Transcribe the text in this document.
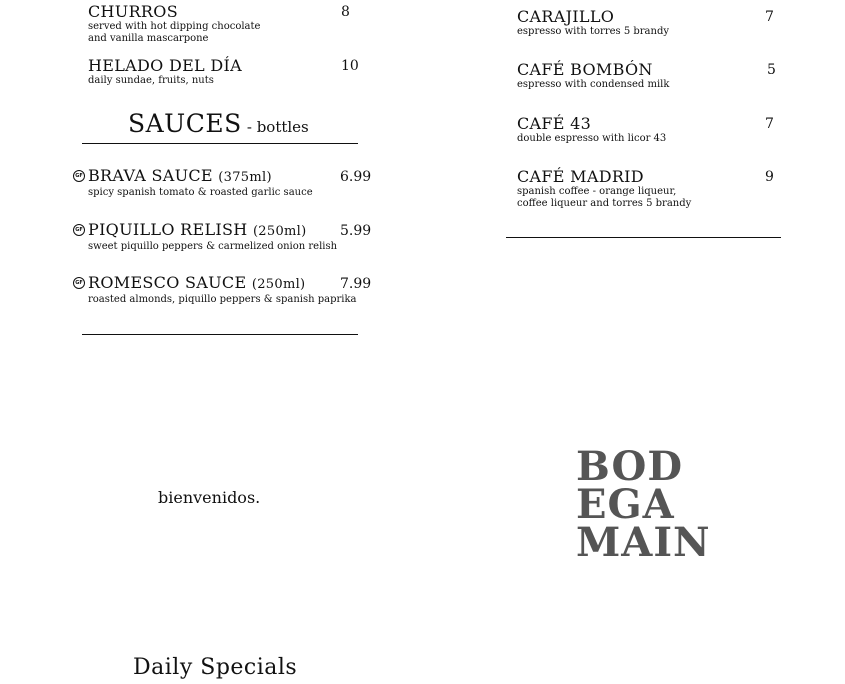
CHURROS
served with hot dipping chocolate
and vanilla mascarpone
8
HELADO DEL DÍA
daily sundae, fruits, nuts
10
SAUCES - bottles
GF BRAVA SAUCE (375ml)
spicy spanish tomato & roasted garlic sauce
6.99
GF PIQUILLO RELISH (250ml)
sweet piquillo peppers & carmelized onion relish
5.99
GF ROMESCO SAUCE (250ml)
roasted almonds, piquillo peppers & spanish paprika
7.99
CARAJILLO
espresso with torres 5 brandy
7
CAFÉ BOMBÓN
espresso with condensed milk
5
CAFÉ 43
double espresso with licor 43
7
CAFÉ MADRID
spanish coffee - orange liqueur,
coffee liqueur and torres 5 brandy
9
bienvenidos.
BOD
EGA
MAIN
Daily Specials
